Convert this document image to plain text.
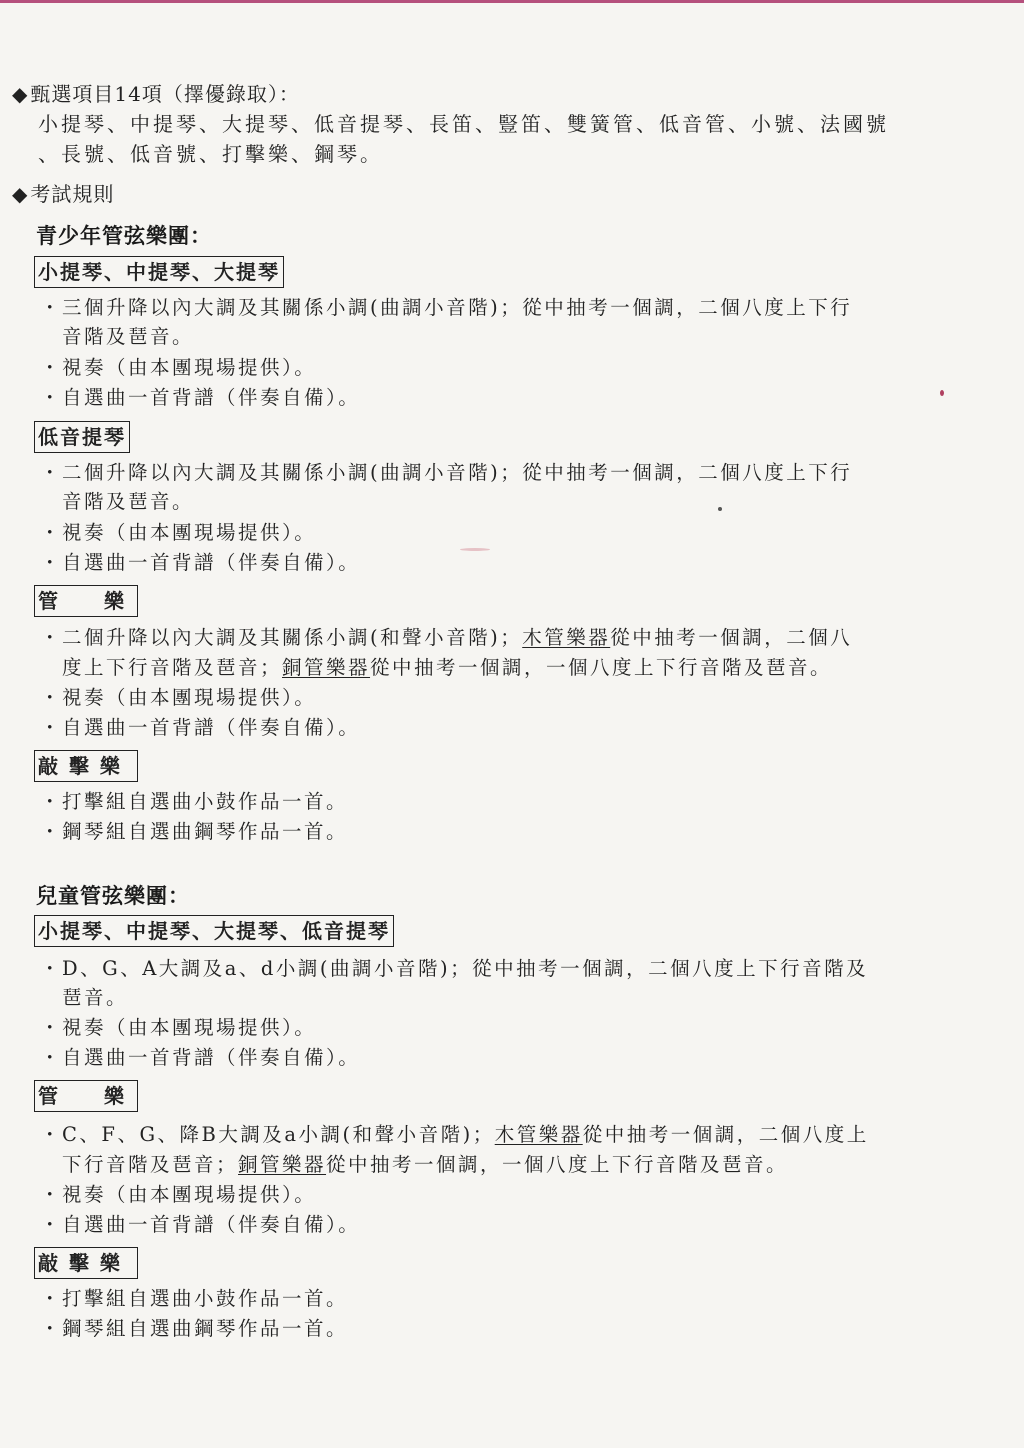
◆ 甄選項目14項（擇優錄取）：
小提琴、中提琴、大提琴、低音提琴、長笛、豎笛、雙簧管、低音管、小號、法國號
、長號、低音號、打擊樂、鋼琴。
◆ 考試規則
青少年管弦樂團：
小提琴、中提琴、大提琴
・三個升降以內大調及其關係小調(曲調小音階)；從中抽考一個調，二個八度上下行
音階及琶音。
・視奏（由本團現場提供）。
・自選曲一首背譜（伴奏自備）。
低音提琴
・二個升降以內大調及其關係小調(曲調小音階)；從中抽考一個調，二個八度上下行
音階及琶音。
・視奏（由本團現場提供）。
・自選曲一首背譜（伴奏自備）。
管　　樂
・二個升降以內大調及其關係小調(和聲小音階)；木管樂器從中抽考一個調，二個八
度上下行音階及琶音；銅管樂器從中抽考一個調，一個八度上下行音階及琶音。
・視奏（由本團現場提供）。
・自選曲一首背譜（伴奏自備）。
敲 擊 樂
・打擊組自選曲小鼓作品一首。
・鋼琴組自選曲鋼琴作品一首。
兒童管弦樂團：
小提琴、中提琴、大提琴、低音提琴
・D、G、A大調及a、d小調(曲調小音階)；從中抽考一個調，二個八度上下行音階及
琶音。
・視奏（由本團現場提供）。
・自選曲一首背譜（伴奏自備）。
管　　樂
・C、F、G、降B大調及a小調(和聲小音階)；木管樂器從中抽考一個調，二個八度上
下行音階及琶音；銅管樂器從中抽考一個調，一個八度上下行音階及琶音。
・視奏（由本團現場提供）。
・自選曲一首背譜（伴奏自備）。
敲 擊 樂
・打擊組自選曲小鼓作品一首。
・鋼琴組自選曲鋼琴作品一首。
